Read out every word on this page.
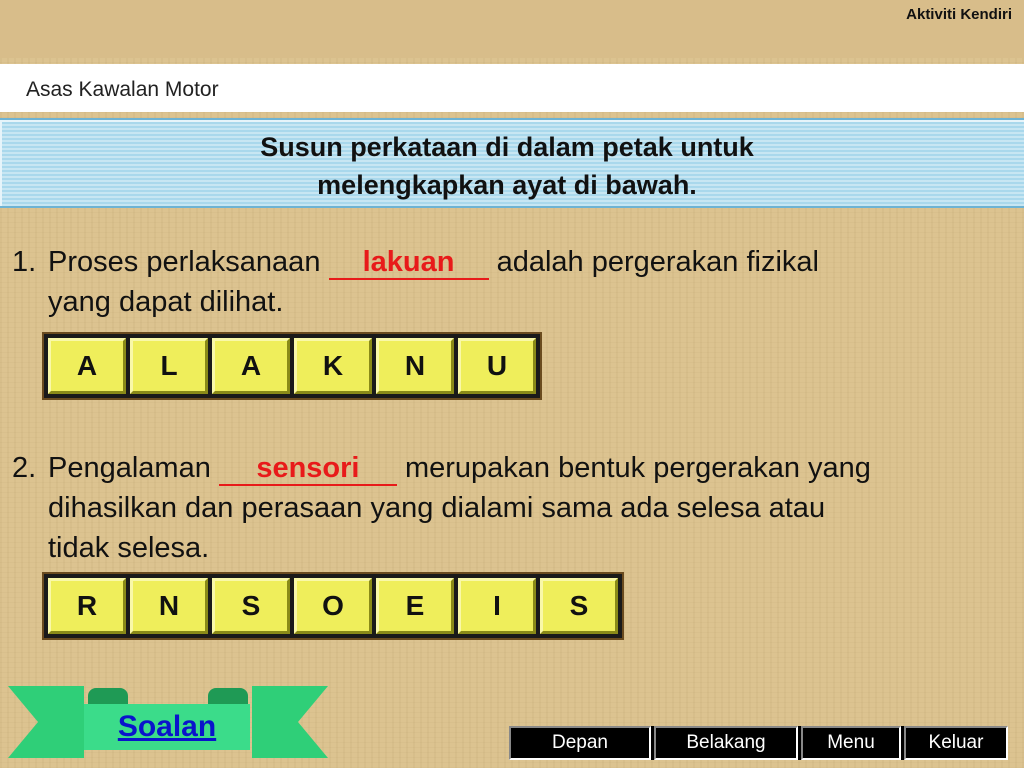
Aktiviti Kendiri
Asas Kawalan Motor
Susun perkataan di dalam petak untuk
melengkapkan ayat di bawah.
1. Proses perlaksanaan lakuan adalah pergerakan fizikal
yang dapat dilihat.
A	L	A	K	N	U
2. Pengalaman sensori merupakan bentuk pergerakan yang
dihasilkan dan perasaan yang dialami sama ada selesa atau
tidak selesa.
R	N	S	O	E	I	S
Soalan	Depan	Belakang	Menu	Keluar
